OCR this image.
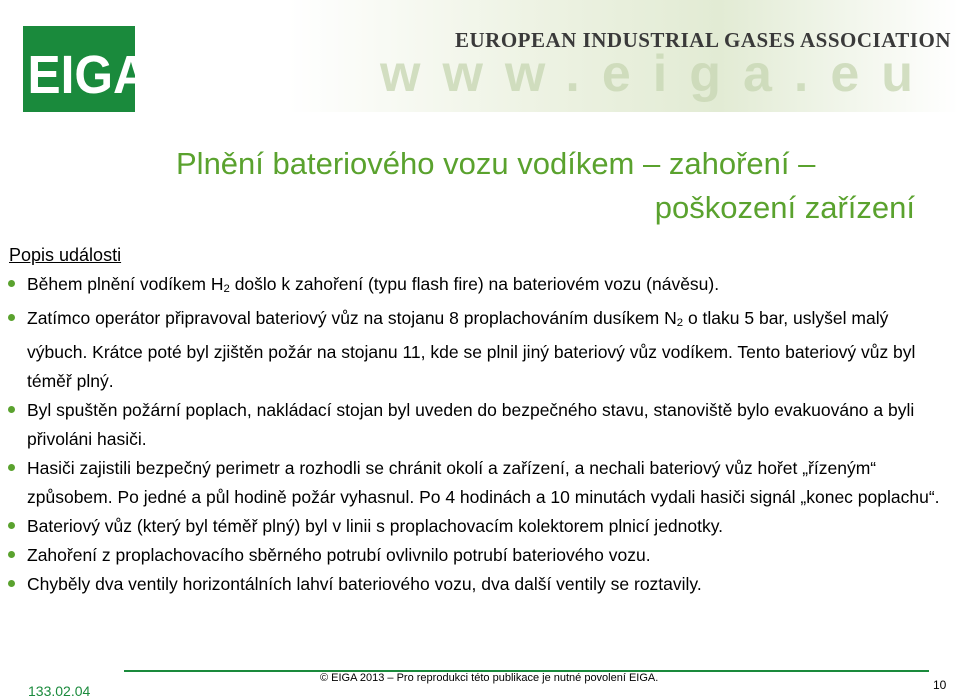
www.eiga.eu
EUROPEAN INDUSTRIAL GASES ASSOCIATION
EIGA
Plnění bateriového vozu vodíkem – zahoření –
poškození zařízení

Popis události

Během plnění vodíkem $H_2$ došlo k zahoření (typu flash fire) na bateriovém vozu (návěsu).

Zatímco operátor připravoval bateriový vůz na stojanu 8 proplachováním dusíkem $N_2$ o tlaku 5 bar, uslyšel malý výbuch. Krátce poté byl zjištěn požár na stojanu 11, kde se plnil jiný bateriový vůz vodíkem. Tento bateriový vůz byl téměř plný.

Byl spuštěn požární poplach, nakládací stojan byl uveden do bezpečného stavu, stanoviště bylo evakuováno a byli přivoláni hasiči.

Hasiči zajistili bezpečný perimetr a rozhodli se chránit okolí a zařízení, a nechali bateriový vůz hořet „řízeným“ způsobem. Po jedné a půl hodině požár vyhasnul. Po 4 hodinách a 10 minutách vydali hasiči signál „konec poplachu“.

Bateriový vůz (který byl téměř plný) byl v linii s proplachovacím kolektorem plnicí jednotky.

Zahoření z proplachovacího sběrného potrubí ovlivnilo potrubí bateriového vozu.

Chyběly dva ventily horizontálních lahví bateriového vozu, dva další ventily se roztavily.

133.02.04
© EIGA 2013 – Pro reprodukci této publikace je nutné povolení EIGA.	10
